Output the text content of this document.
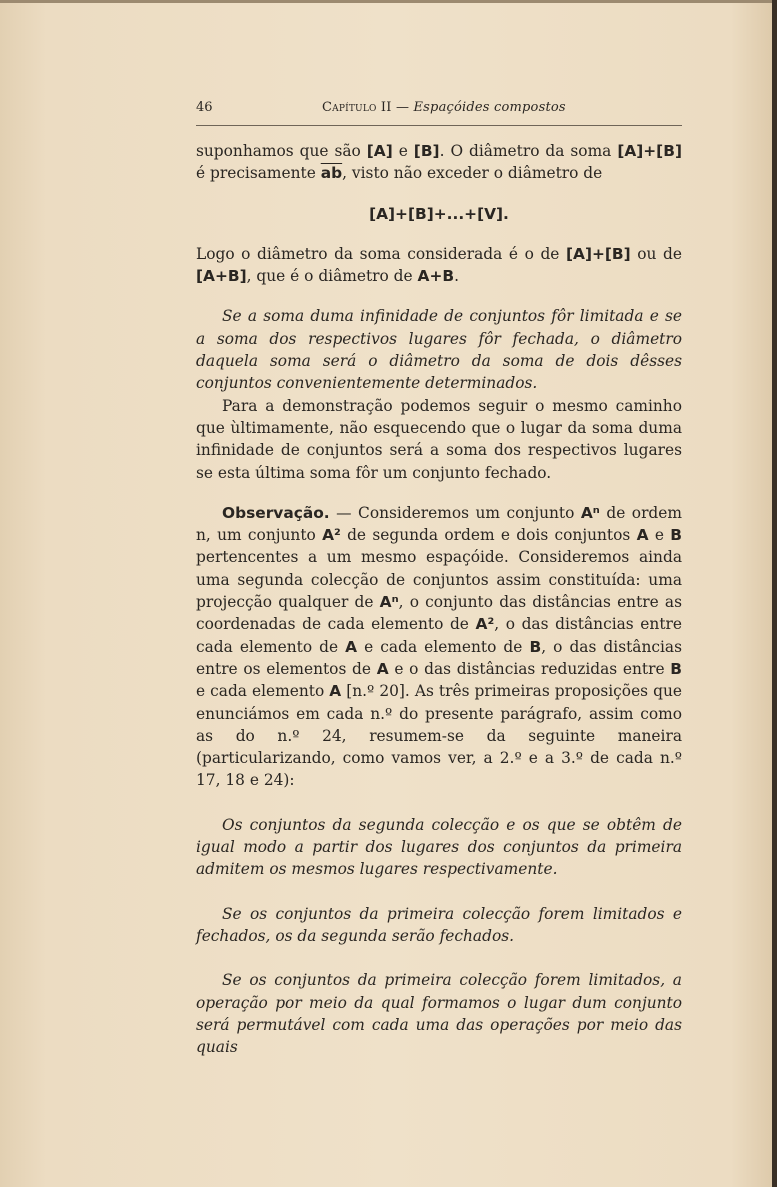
46	Capítulo II — Espaçóides compostos

suponhamos que são [A] e [B]. O diâmetro da soma [A]+[B] é precisamente $\overline{ab}$, visto não exceder o diâmetro de

[A]+[B]+...+[V].

Logo o diâmetro da soma considerada é o de [A]+[B] ou de [A+B], que é o diâmetro de A+B.

Se a soma duma infinidade de conjuntos fôr limitada e se a soma dos respectivos lugares fôr fechada, o diâmetro daquela soma será o diâmetro da soma de dois dêsses conjuntos convenientemente determinados.

Para a demonstração podemos seguir o mesmo caminho que ùltimamente, não esquecendo que o lugar da soma duma infinidade de conjuntos será a soma dos respectivos lugares se esta última soma fôr um conjunto fechado.

Observação. — Consideremos um conjunto Aⁿ de ordem n, um conjunto A² de segunda ordem e dois conjuntos A e B pertencentes a um mesmo espaçóide. Consideremos ainda uma segunda colecção de conjuntos assim constituída: uma projecção qualquer de Aⁿ, o conjunto das distâncias entre as coordenadas de cada elemento de A², o das distâncias entre cada elemento de A e cada elemento de B, o das distâncias entre os elementos de A e o das distâncias reduzidas entre B e cada elemento A [n.º 20]. As três primeiras proposições que enunciámos em cada n.º do presente parágrafo, assim como as do n.º 24, resumem-se da seguinte maneira (particularizando, como vamos ver, a 2.º e a 3.º de cada n.º 17, 18 e 24):

Os conjuntos da segunda colecção e os que se obtêm de igual modo a partir dos lugares dos conjuntos da primeira admitem os mesmos lugares respectivamente.

Se os conjuntos da primeira colecção forem limitados e fechados, os da segunda serão fechados.

Se os conjuntos da primeira colecção forem limitados, a operação por meio da qual formamos o lugar dum conjunto será permutável com cada uma das operações por meio das quais
